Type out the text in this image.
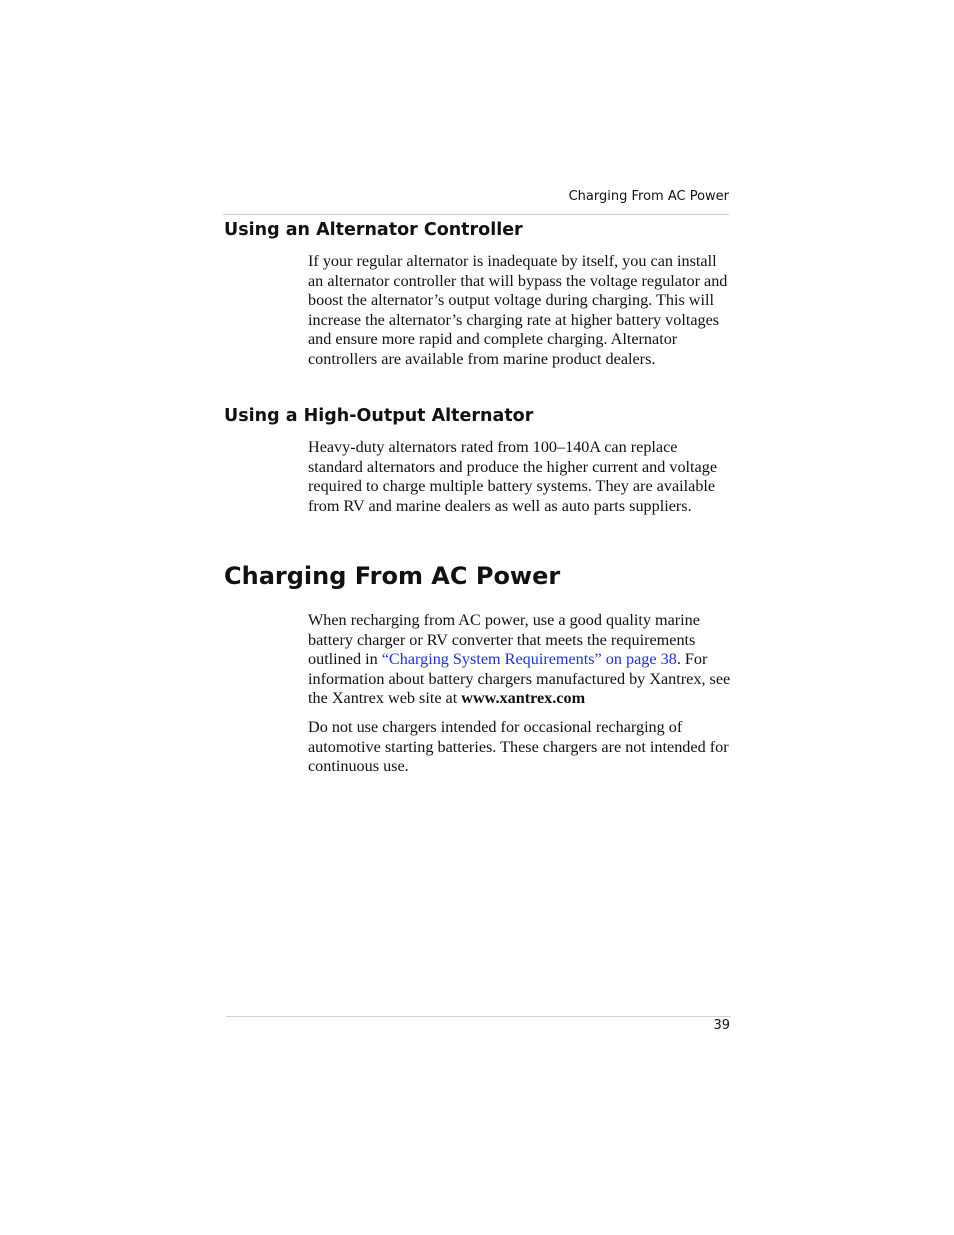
Charging From AC Power
Using an Alternator Controller

If your regular alternator is inadequate by itself, you can install an alternator controller that will bypass the voltage regulator and boost the alternator’s output voltage during charging. This will increase the alternator’s charging rate at higher battery voltages and ensure more rapid and complete charging. Alternator controllers are available from marine product dealers.

Using a High-Output Alternator

Heavy-duty alternators rated from 100–140A can replace standard alternators and produce the higher current and voltage required to charge multiple battery systems. They are available from RV and marine dealers as well as auto parts suppliers.

Charging From AC Power

When recharging from AC power, use a good quality marine battery charger or RV converter that meets the requirements outlined in “Charging System Requirements” on page 38. For information about battery chargers manufactured by Xantrex, see the Xantrex web site at www.xantrex.com

Do not use chargers intended for occasional recharging of automotive starting batteries. These chargers are not intended for continuous use.

39
